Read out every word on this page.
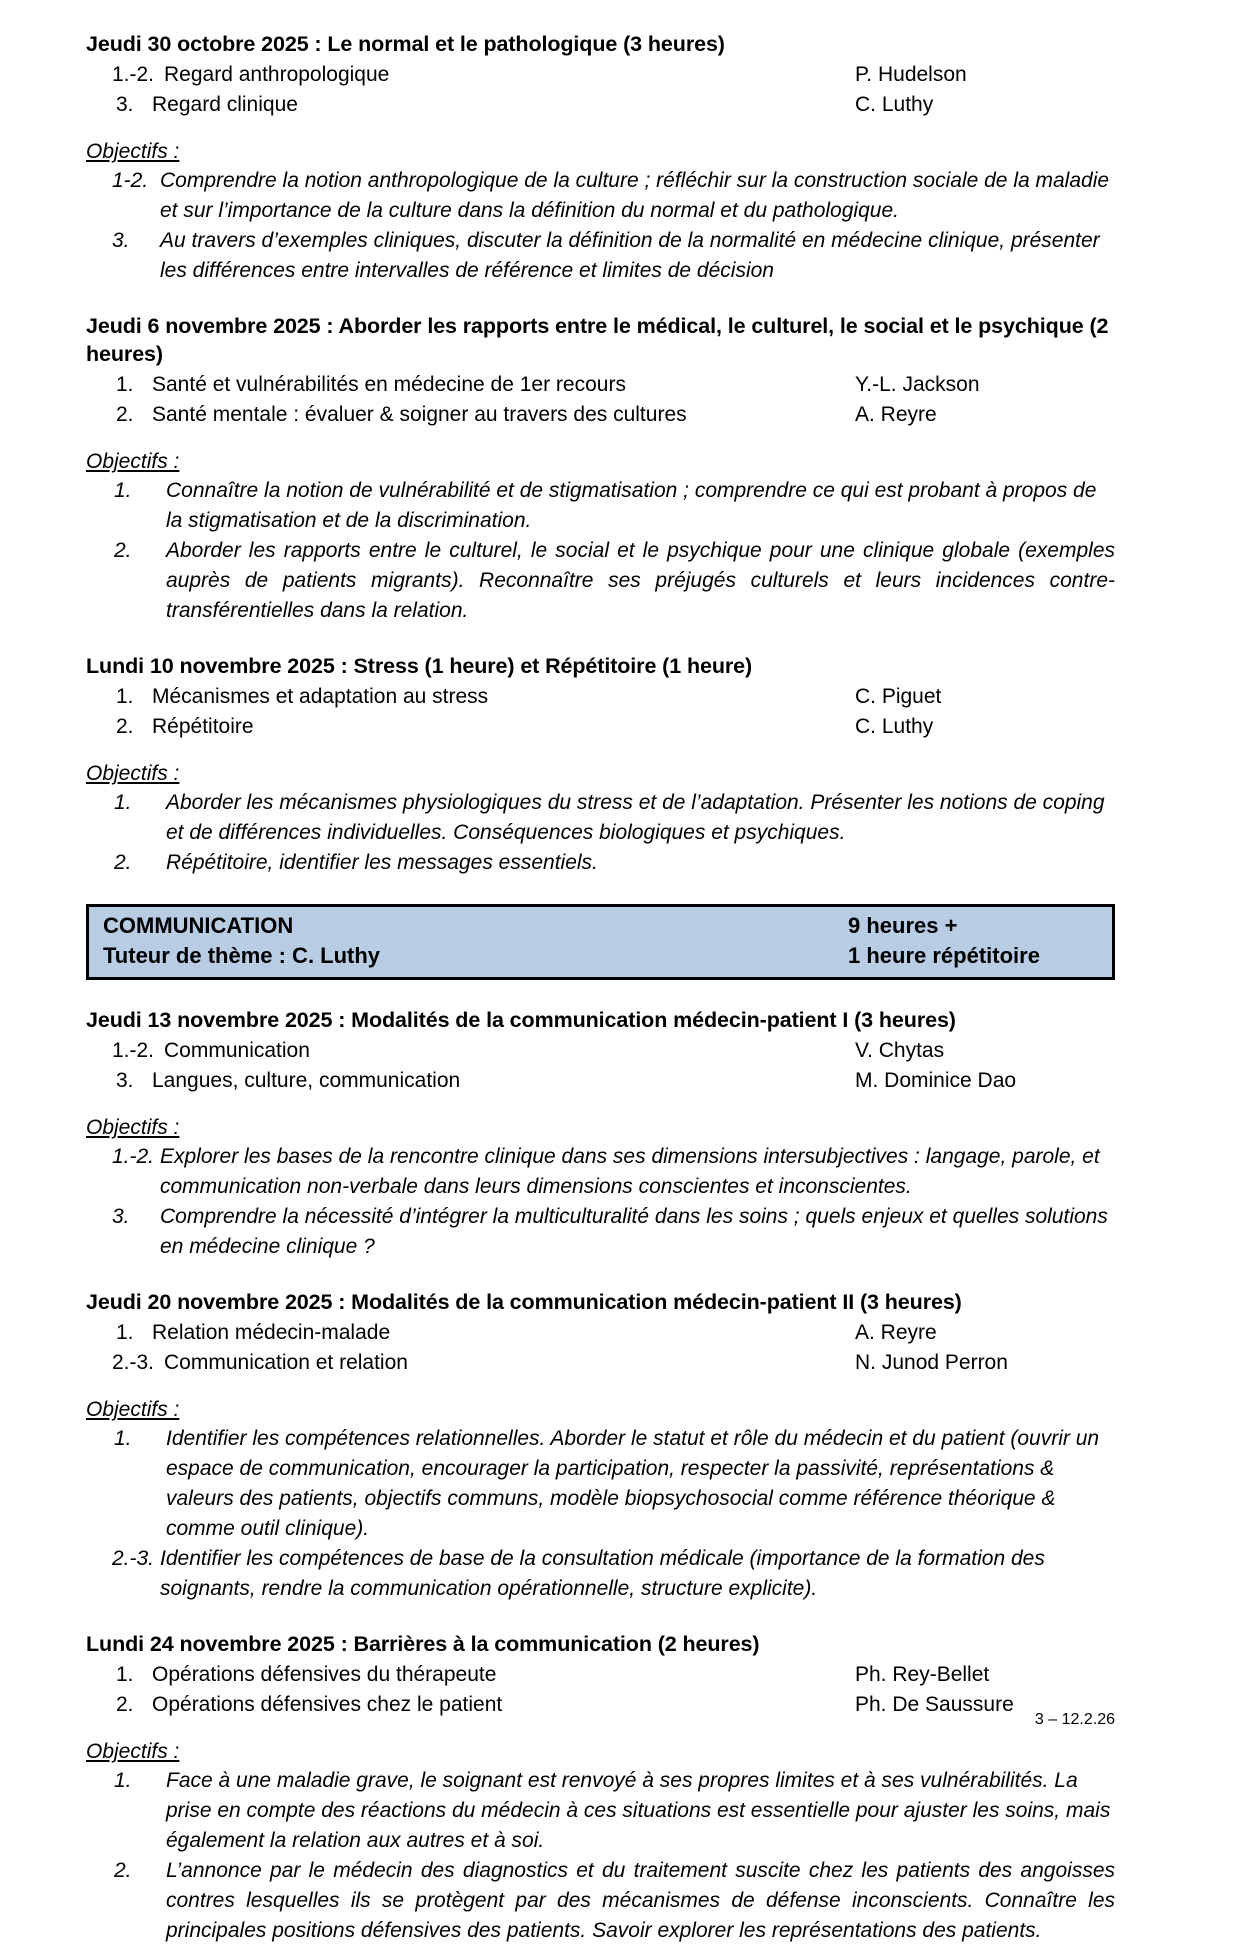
Jeudi 30 octobre 2025 : Le normal et le pathologique (3 heures)
1.-2. Regard anthropologique	P. Hudelson
3. Regard clinique	C. Luthy
Objectifs :
1-2. Comprendre la notion anthropologique de la culture ; réfléchir sur la construction sociale de la maladie et sur l’importance de la culture dans la définition du normal et du pathologique.
3.	Au travers d’exemples cliniques, discuter la définition de la normalité en médecine clinique, présenter les différences entre intervalles de référence et limites de décision
Jeudi 6 novembre 2025 : Aborder les rapports entre le médical, le culturel, le social et le psychique (2 heures)
1. Santé et vulnérabilités en médecine de 1er recours	Y.-L. Jackson
2. Santé mentale : évaluer & soigner au travers des cultures	A. Reyre
Objectifs :
1.	Connaître la notion de vulnérabilité et de stigmatisation ; comprendre ce qui est probant à propos de la stigmatisation et de la discrimination.
2.	Aborder les rapports entre le culturel, le social et le psychique pour une clinique globale (exemples auprès de patients migrants). Reconnaître ses préjugés culturels et leurs incidences contre-transférentielles dans la relation.
Lundi 10 novembre 2025 : Stress (1 heure) et Répétitoire (1 heure)
1. Mécanismes et adaptation au stress	C. Piguet
2. Répétitoire	C. Luthy
Objectifs :
1.	Aborder les mécanismes physiologiques du stress et de l’adaptation. Présenter les notions de coping et de différences individuelles. Conséquences biologiques et psychiques.
2.	Répétitoire, identifier les messages essentiels.
COMMUNICATION	9 heures +
Tuteur de thème : C. Luthy	1 heure répétitoire
Jeudi 13 novembre 2025 : Modalités de la communication médecin-patient I (3 heures)
1.-2. Communication	V. Chytas
3. Langues, culture, communication	M. Dominice Dao
Objectifs :
1.-2. Explorer les bases de la rencontre clinique dans ses dimensions intersubjectives : langage, parole, et communication non-verbale dans leurs dimensions conscientes et inconscientes.
3.	Comprendre la nécessité d’intégrer la multiculturalité dans les soins ; quels enjeux et quelles solutions en médecine clinique ?
Jeudi 20 novembre 2025 : Modalités de la communication médecin-patient II (3 heures)
1. Relation médecin-malade	A. Reyre
2.-3. Communication et relation	N. Junod Perron
Objectifs :
1.	Identifier les compétences relationnelles. Aborder le statut et rôle du médecin et du patient (ouvrir un espace de communication, encourager la participation, respecter la passivité, représentations & valeurs des patients, objectifs communs, modèle biopsychosocial comme référence théorique & comme outil clinique).
2.-3. Identifier les compétences de base de la consultation médicale (importance de la formation des soignants, rendre la communication opérationnelle, structure explicite).
Lundi 24 novembre 2025 : Barrières à la communication (2 heures)
1. Opérations défensives du thérapeute	Ph. Rey-Bellet
2. Opérations défensives chez le patient	Ph. De Saussure
Objectifs :
1.	Face à une maladie grave, le soignant est renvoyé à ses propres limites et à ses vulnérabilités. La prise en compte des réactions du médecin à ces situations est essentielle pour ajuster les soins, mais également la relation aux autres et à soi.
2.	L’annonce par le médecin des diagnostics et du traitement suscite chez les patients des angoisses contres lesquelles ils se protègent par des mécanismes de défense inconscients. Connaître les principales positions défensives des patients. Savoir explorer les représentations des patients.
3 – 12.2.26
